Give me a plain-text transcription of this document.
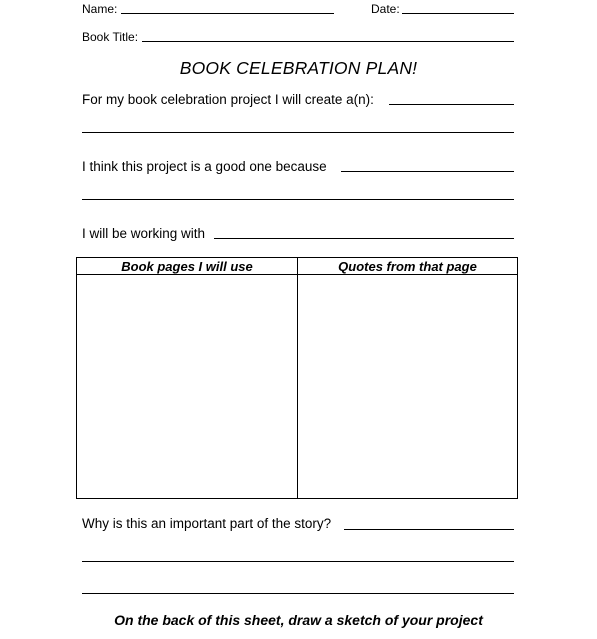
Name:	Date:
Book Title:
BOOK CELEBRATION PLAN!
For my book celebration project I will create a(n):
I think this project is a good one because
I will be working with
Book pages I will use	Quotes from that page
Why is this an important part of the story?
On the back of this sheet, draw a sketch of your project
